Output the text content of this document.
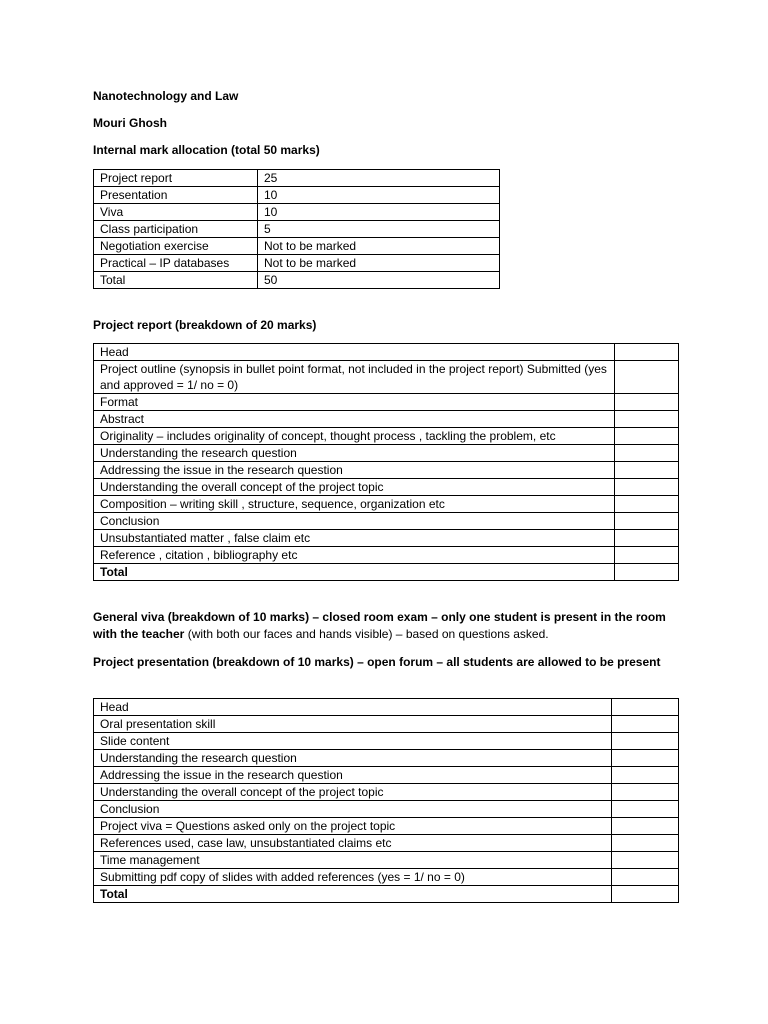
Nanotechnology and Law

Mouri Ghosh

Internal mark allocation (total 50 marks)

Project report	25
Presentation	10
Viva	10
Class participation	5
Negotiation exercise	Not to be marked
Practical – IP databases	Not to be marked
Total	50

Project report (breakdown of 20 marks)

Head	
Project outline (synopsis in bullet point format, not included in the project report) Submitted (yes and approved = 1/ no = 0)	
Format	
Abstract	
Originality – includes originality of concept, thought process , tackling the problem, etc	
Understanding the research question	
Addressing the issue in the research question	
Understanding the overall concept of the project topic	
Composition – writing skill , structure, sequence, organization etc	
Conclusion	
Unsubstantiated matter , false claim etc	
Reference , citation , bibliography etc	
Total	

General viva (breakdown of 10 marks) – closed room exam – only one student is present in the room with the teacher (with both our faces and hands visible) – based on questions asked.

Project presentation (breakdown of 10 marks) – open forum – all students are allowed to be present

Head	
Oral presentation skill	
Slide content	
Understanding the research question	
Addressing the issue in the research question	
Understanding the overall concept of the project topic	
Conclusion	
Project viva = Questions asked only on the project topic	
References used, case law, unsubstantiated claims etc	
Time management	
Submitting pdf copy of slides with added references (yes = 1/ no = 0)	
Total	
